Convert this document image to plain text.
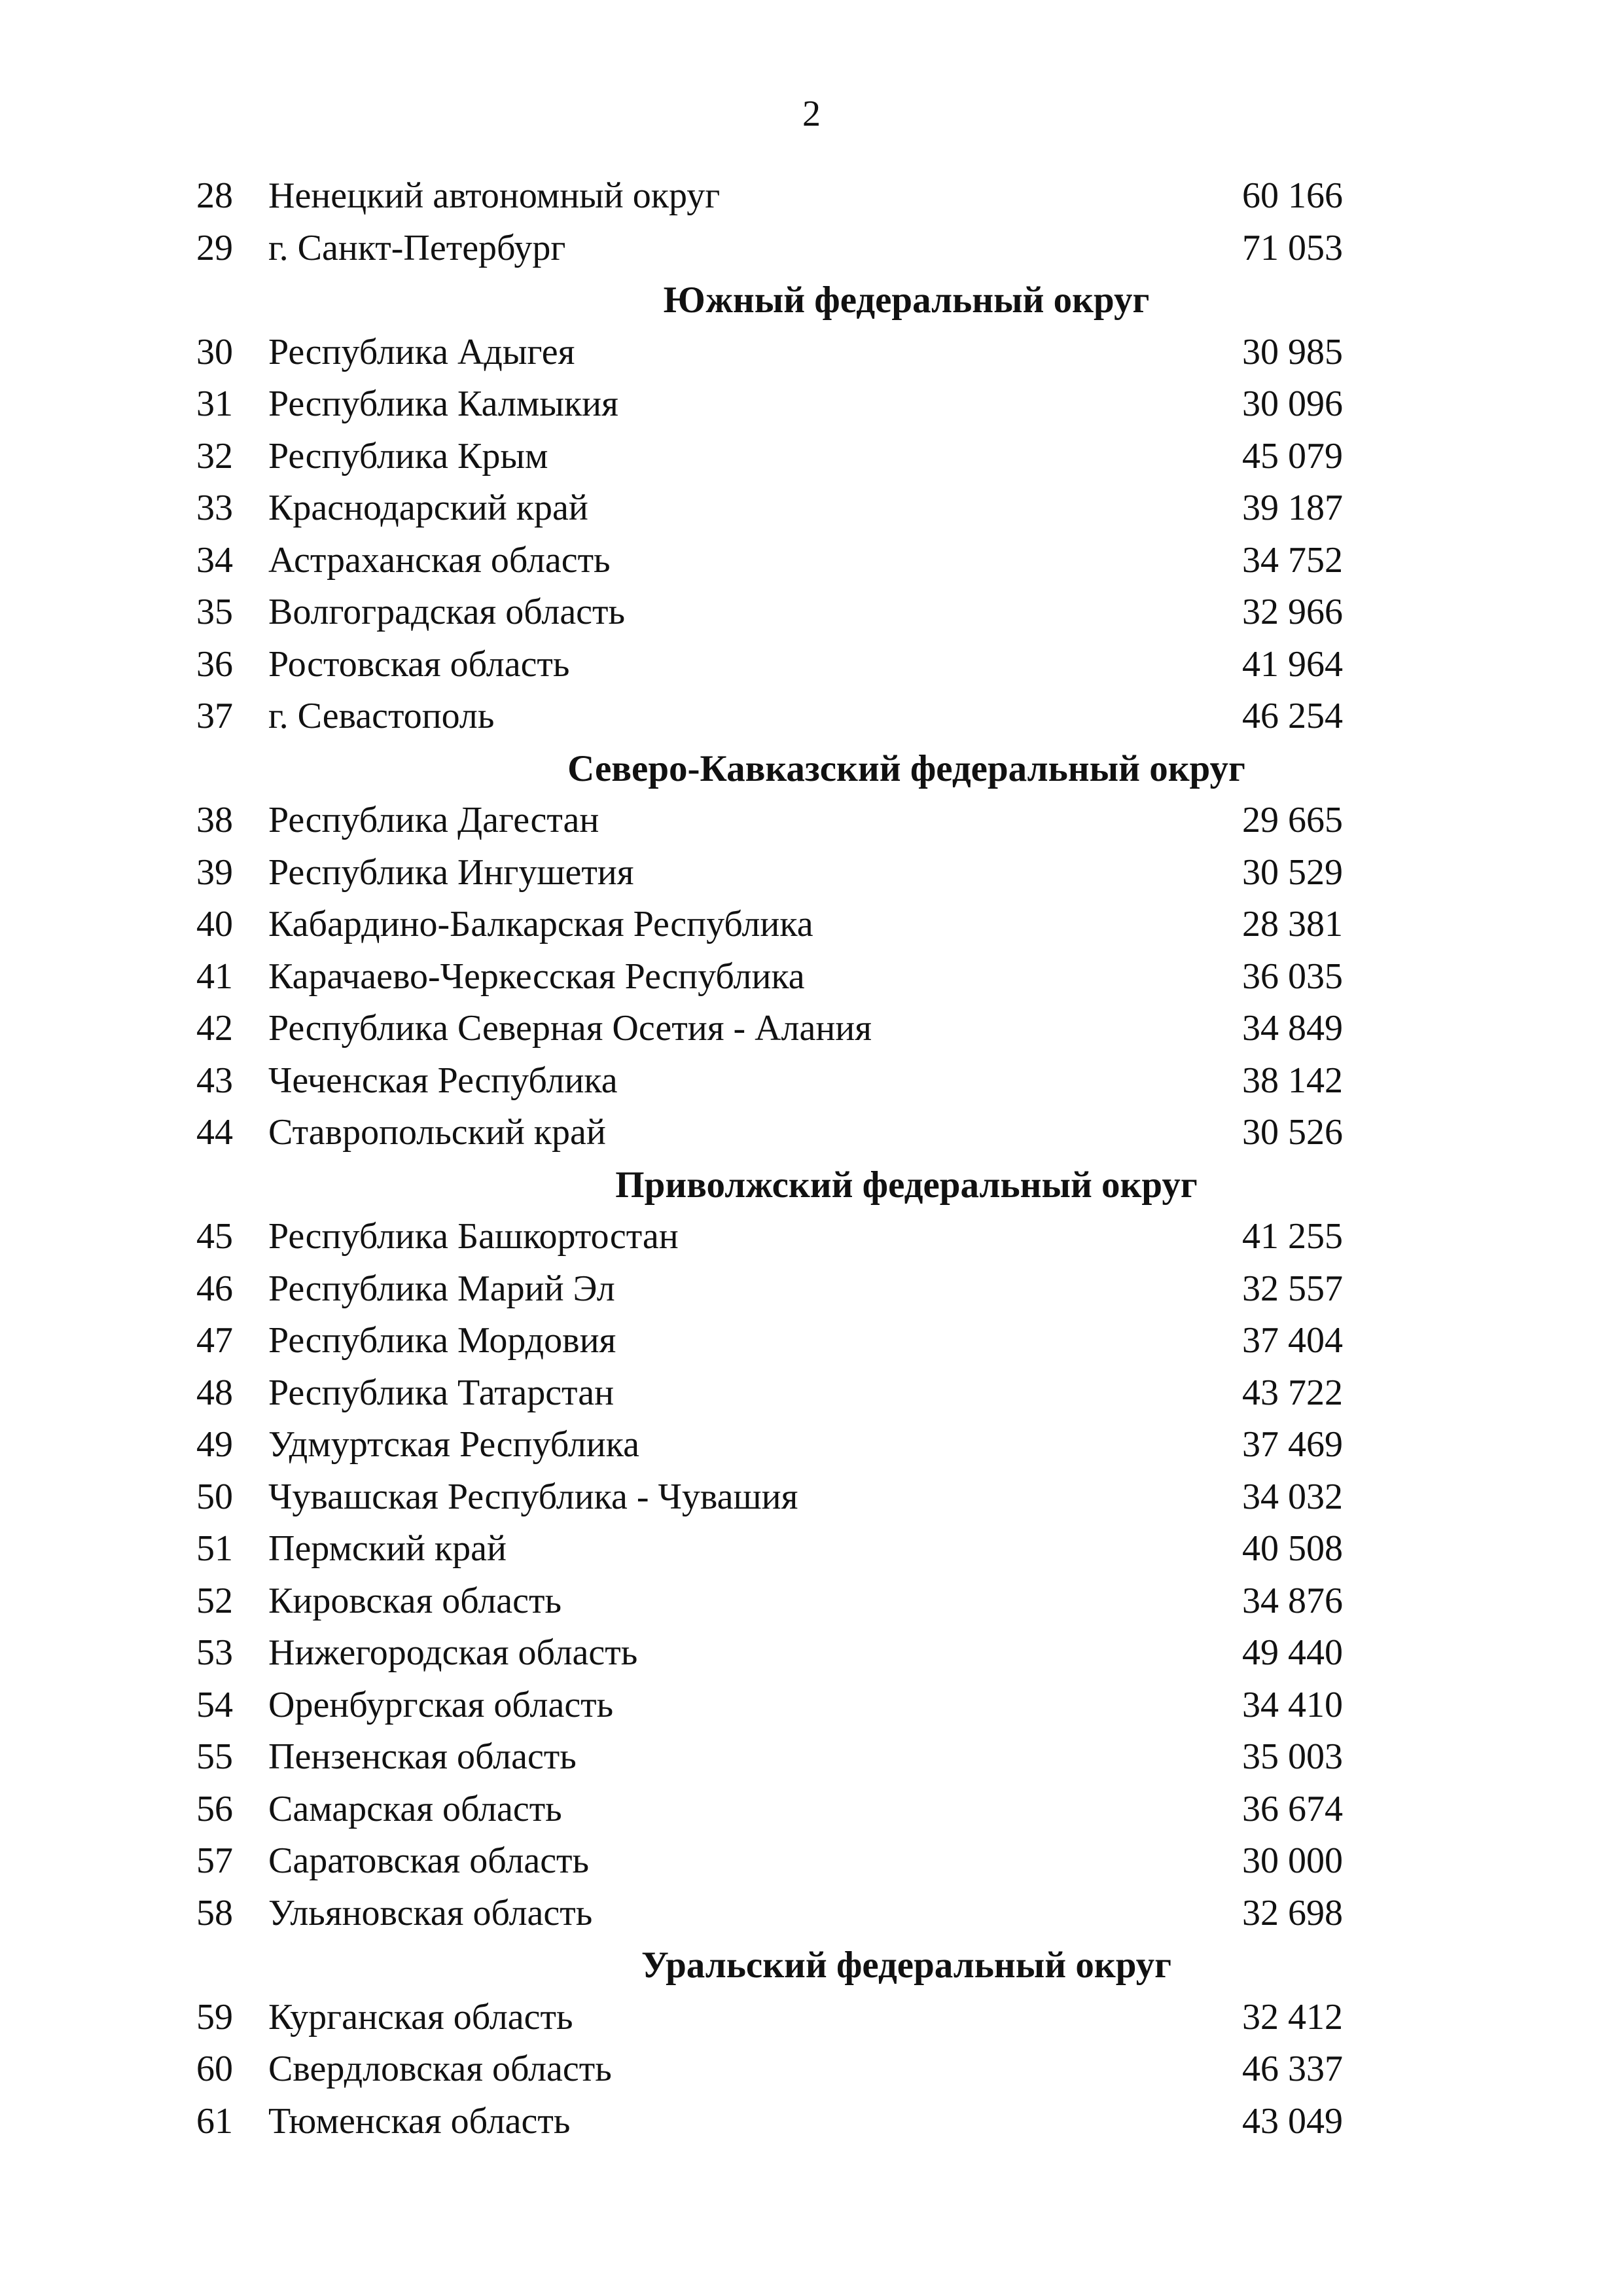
2
28 Ненецкий автономный округ	60 166
29 г. Санкт-Петербург	71 053
Южный федеральный округ
30 Республика Адыгея	30 985
31 Республика Калмыкия	30 096
32 Республика Крым	45 079
33 Краснодарский край	39 187
34 Астраханская область	34 752
35 Волгоградская область	32 966
36 Ростовская область	41 964
37 г. Севастополь	46 254
Северо-Кавказский федеральный округ
38 Республика Дагестан	29 665
39 Республика Ингушетия	30 529
40 Кабардино-Балкарская Республика	28 381
41 Карачаево-Черкесская Республика	36 035
42 Республика Северная Осетия - Алания	34 849
43 Чеченская Республика	38 142
44 Ставропольский край	30 526
Приволжский федеральный округ
45 Республика Башкортостан	41 255
46 Республика Марий Эл	32 557
47 Республика Мордовия	37 404
48 Республика Татарстан	43 722
49 Удмуртская Республика	37 469
50 Чувашская Республика - Чувашия	34 032
51 Пермский край	40 508
52 Кировская область	34 876
53 Нижегородская область	49 440
54 Оренбургская область	34 410
55 Пензенская область	35 003
56 Самарская область	36 674
57 Саратовская область	30 000
58 Ульяновская область	32 698
Уральский федеральный округ
59 Курганская область	32 412
60 Свердловская область	46 337
61 Тюменская область	43 049
